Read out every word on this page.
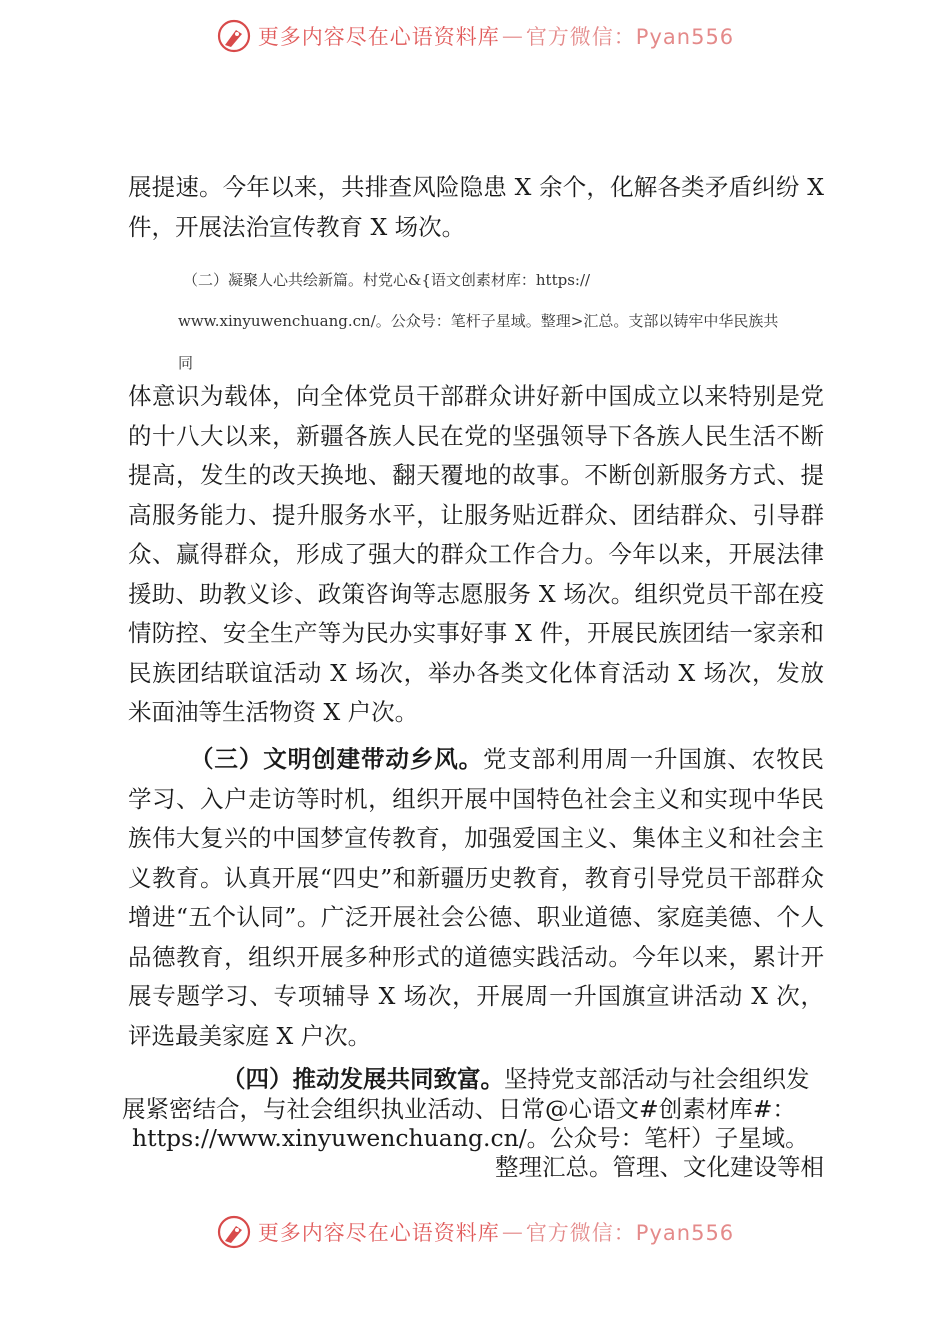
更多内容尽在心语资料库 — 官方微信：Pyan556
展提速。今年以来，共排查风险隐患 X 余个，化解各类矛盾纠纷 X 件，开展法治宣传教育 X 场次。
（二）凝聚人心共绘新篇。村党心&{语文创素材库：https://
www.xinyuwenchuang.cn/。公众号：笔杆子星域。整理>汇总。支部以铸牢中华民族共
同
体意识为载体，向全体党员干部群众讲好新中国成立以来特别是党的十八大以来，新疆各族人民在党的坚强领导下各族人民生活不断提高，发生的改天换地、翻天覆地的故事。不断创新服务方式、提高服务能力、提升服务水平，让服务贴近群众、团结群众、引导群众、赢得群众，形成了强大的群众工作合力。今年以来，开展法律援助、助教义诊、政策咨询等志愿服务 X 场次。组织党员干部在疫情防控、安全生产等为民办实事好事 X 件，开展民族团结一家亲和民族团结联谊活动 X 场次，举办各类文化体育活动 X 场次，发放米面油等生活物资 X 户次。
（三）文明创建带动乡风。党支部利用周一升国旗、农牧民学习、入户走访等时机，组织开展中国特色社会主义和实现中华民族伟大复兴的中国梦宣传教育，加强爱国主义、集体主义和社会主义教育。认真开展“四史”和新疆历史教育，教育引导党员干部群众增进“五个认同”。广泛开展社会公德、职业道德、家庭美德、个人品德教育，组织开展多种形式的道德实践活动。今年以来，累计开展专题学习、专项辅导 X 场次，开展周一升国旗宣讲活动 X 次，评选最美家庭 X 户次。
（四）推动发展共同致富。坚持党支部活动与社会组织发
展紧密结合，与社会组织执业活动、日常@心语文#创素材库#：
https://www.xinyuwenchuang.cn/。公众号：笔杆）子星域。
整理汇总。管理、文化建设等相
更多内容尽在心语资料库 — 官方微信：Pyan556
